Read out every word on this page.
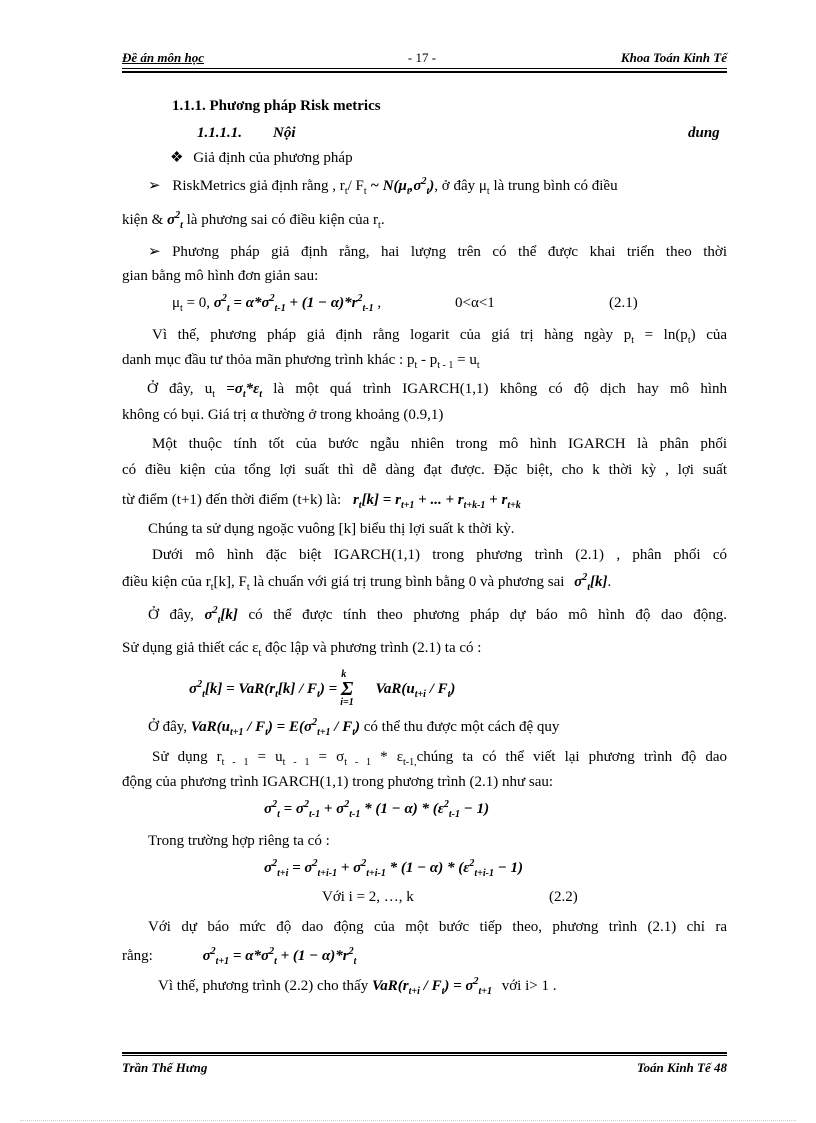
Đề án môn học	- 17 -	Khoa Toán Kinh Tế
1.1.1. Phương pháp Risk metrics
1.1.1.1. Nội	dung
❖ Giả định của phương pháp
➢ RiskMetrics giả định rằng , $r_t/$ $F_t$ ~ $N(\mu_t,\sigma^2_t)$, ở đây $\mu_t$ là trung bình có điều
kiện & $\sigma^2_t$ là phương sai có điều kiện của $r_t$.
➢ Phương pháp giả định rằng, hai lượng trên có thể được khai triển theo thời
gian bằng mô hình đơn giản sau:
$\mu_t = 0$, $\sigma^2_t = \alpha*\sigma^2_{t-1} + (1 - \alpha)*r^2_{t-1}$ ,	0<α<1	(2.1)
Vì thế, phương pháp giả định rằng logarit của giá trị hàng ngày $p_t = \ln(p_t)$ của
danh mục đầu tư thỏa mãn phương trình khác : $p_t - p_{t - 1} = u_t$
Ở đây, $u_t =\sigma_t*\varepsilon_t$ là một quá trình IGARCH(1,1) không có độ dịch hay mô hình
không có bụi. Giá trị α thường ở trong khoảng (0.9,1)
Một thuộc tính tốt của bước ngẫu nhiên trong mô hình IGARCH là phân phối
có điều kiện của tổng lợi suất thì dễ dàng đạt được. Đặc biệt, cho k thời kỳ , lợi suất
từ điểm (t+1) đến thời điểm (t+k) là: $r_t[k] = r_{t+1}$ + ... + $r_{t+k-1} + r_{t+k}$
Chúng ta sử dụng ngoặc vuông [k] biểu thị lợi suất k thời kỳ.
Dưới mô hình đặc biệt IGARCH(1,1) trong phương trình (2.1) , phân phối có
điều kiện của $r_t[k]$, $F_t$ là chuẩn với giá trị trung bình bằng 0 và phương sai $\sigma^2_t[k]$.
Ở đây, $\sigma^2_t[k]$ có thể được tính theo phương pháp dự báo mô hình độ dao động.
Sử dụng giả thiết các $\varepsilon_t$ độc lập và phương trình (2.1) ta có :
$\sigma^2_t[k] = VaR(r_t[k] / F_t) = \Sigma^k_{i=1}$ $VaR(u_{t+i} / F_t)$
Ở đây, $VaR(u_{t+1} / F_t) = E(\sigma^2_{t+1} / F_t)$ có thể thu được một cách đệ quy
Sử dụng $r_{t - 1} = u_{t - 1} = \sigma_{t - 1}$ * $\varepsilon_{t-1,}chúng$ ta có thể viết lại phương trình độ dao
động của phương trình IGARCH(1,1) trong phương trình (2.1) như sau:
$\sigma^2_t = \sigma^2_{t-1} + \sigma^2_{t-1} * (1 - \alpha) * (\varepsilon^2_{t-1} - 1)$
Trong trường hợp riêng ta có :
$\sigma^2_{t+i} = \sigma^2_{t+i-1} + \sigma^2_{t+i-1} * (1 - \alpha) * (\varepsilon^2_{t+i-1} - 1)$
Với i = 2, …, k	(2.2)
Với dự báo mức độ dao động của một bước tiếp theo, phương trình (2.1) chỉ ra
rằng:	$\sigma^2_{t+1} = \alpha*\sigma^2_t + (1 - \alpha)*r^2_t$
Vì thế, phương trình (2.2) cho thấy $VaR(r_{t+i} / F_t) = \sigma^2_{t+1}$ với i> 1 .
Trần Thế Hưng	Toán Kinh Tế 48
